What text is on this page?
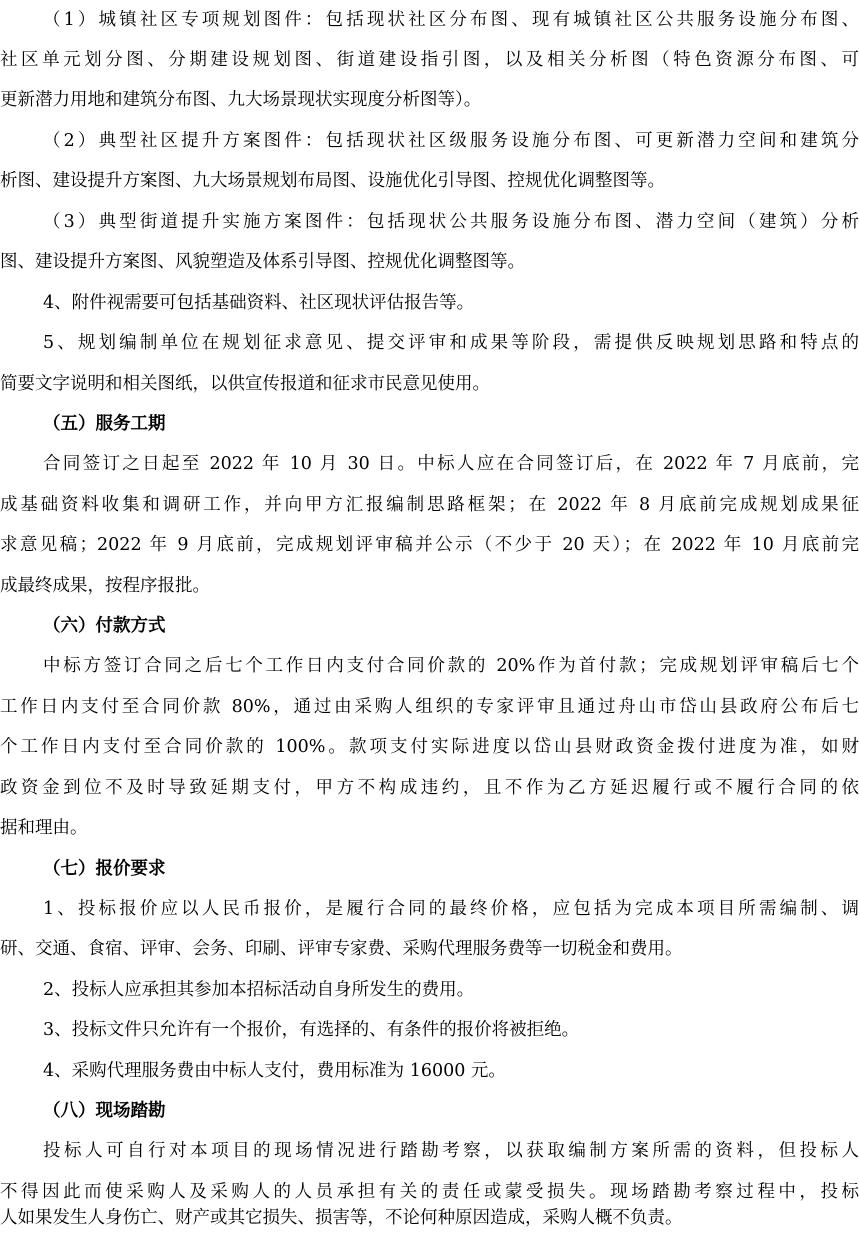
（1）城镇社区专项规划图件：包括现状社区分布图、现有城镇社区公共服务设施分布图、
社区单元划分图、分期建设规划图、街道建设指引图，以及相关分析图（特色资源分布图、可
更新潜力用地和建筑分布图、九大场景现状实现度分析图等）。
（2）典型社区提升方案图件：包括现状社区级服务设施分布图、可更新潜力空间和建筑分
析图、建设提升方案图、九大场景规划布局图、设施优化引导图、控规优化调整图等。
（3）典型街道提升实施方案图件：包括现状公共服务设施分布图、潜力空间（建筑）分析
图、建设提升方案图、风貌塑造及体系引导图、控规优化调整图等。
4、附件视需要可包括基础资料、社区现状评估报告等。
5、规划编制单位在规划征求意见、提交评审和成果等阶段，需提供反映规划思路和特点的
简要文字说明和相关图纸，以供宣传报道和征求市民意见使用。
（五）服务工期
合同签订之日起至 2022 年 10 月 30 日。中标人应在合同签订后，在 2022 年 7 月底前，完
成基础资料收集和调研工作，并向甲方汇报编制思路框架；在 2022 年 8 月底前完成规划成果征
求意见稿；2022 年 9 月底前，完成规划评审稿并公示（不少于 20 天）；在 2022 年 10 月底前完
成最终成果，按程序报批。
（六）付款方式
中标方签订合同之后七个工作日内支付合同价款的 20%作为首付款；完成规划评审稿后七个
工作日内支付至合同价款 80%，通过由采购人组织的专家评审且通过舟山市岱山县政府公布后七
个工作日内支付至合同价款的 100%。款项支付实际进度以岱山县财政资金拨付进度为准，如财
政资金到位不及时导致延期支付，甲方不构成违约，且不作为乙方延迟履行或不履行合同的依
据和理由。
（七）报价要求
1、投标报价应以人民币报价，是履行合同的最终价格，应包括为完成本项目所需编制、调
研、交通、食宿、评审、会务、印刷、评审专家费、采购代理服务费等一切税金和费用。
2、投标人应承担其参加本招标活动自身所发生的费用。
3、投标文件只允许有一个报价，有选择的、有条件的报价将被拒绝。
4、采购代理服务费由中标人支付，费用标准为 16000 元。
（八）现场踏勘
投标人可自行对本项目的现场情况进行踏勘考察，以获取编制方案所需的资料，但投标人
不得因此而使采购人及采购人的人员承担有关的责任或蒙受损失。现场踏勘考察过程中，投标
人如果发生人身伤亡、财产或其它损失、损害等，不论何种原因造成，采购人概不负责。
